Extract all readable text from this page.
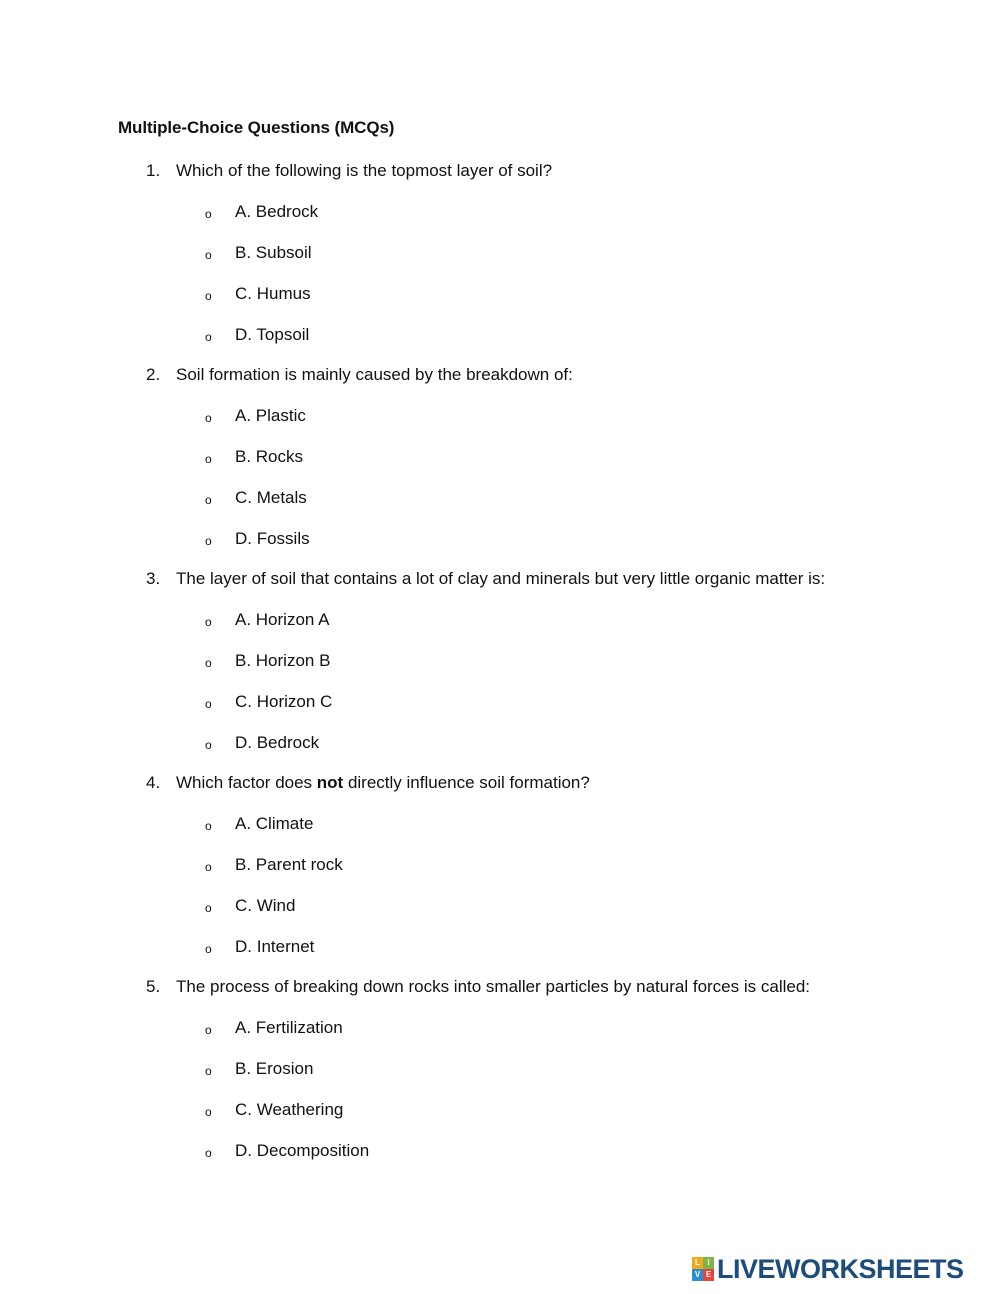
Multiple-Choice Questions (MCQs)
1. Which of the following is the topmost layer of soil?
o A. Bedrock
o B. Subsoil
o C. Humus
o D. Topsoil
2. Soil formation is mainly caused by the breakdown of:
o A. Plastic
o B. Rocks
o C. Metals
o D. Fossils
3. The layer of soil that contains a lot of clay and minerals but very little organic matter is:
o A. Horizon A
o B. Horizon B
o C. Horizon C
o D. Bedrock
4. Which factor does not directly influence soil formation?
o A. Climate
o B. Parent rock
o C. Wind
o D. Internet
5. The process of breaking down rocks into smaller particles by natural forces is called:
o A. Fertilization
o B. Erosion
o C. Weathering
o D. Decomposition
L I
V E LIVEWORKSHEETS
